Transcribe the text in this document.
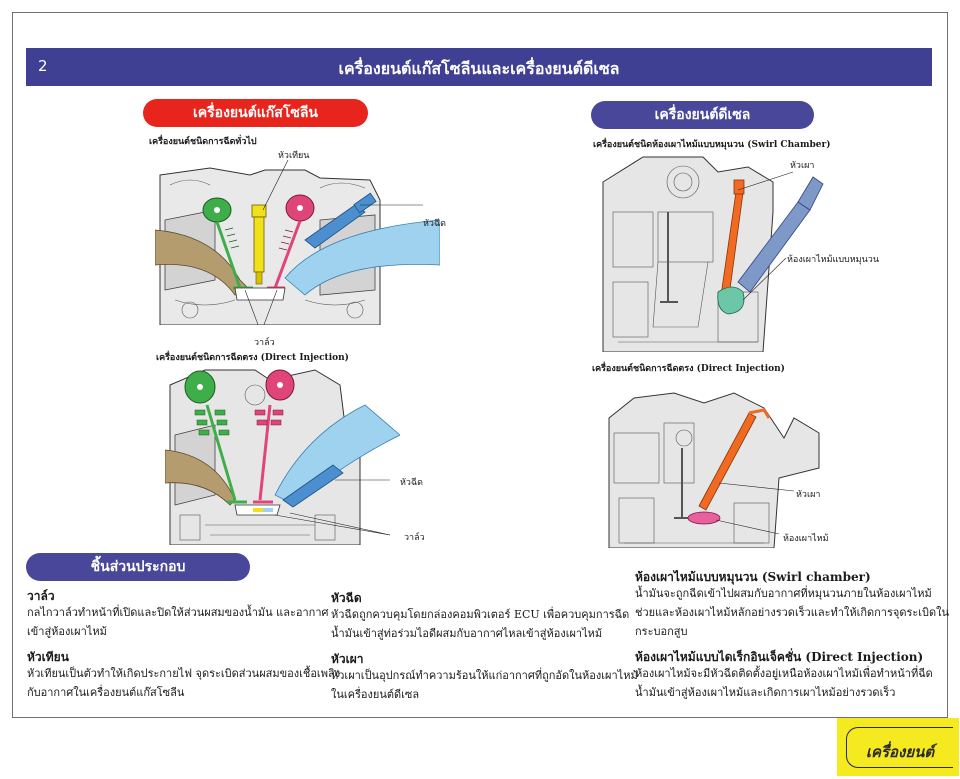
2	เครื่องยนต์แก๊สโซลีนและเครื่องยนต์ดีเซล
เครื่องยนต์แก๊สโซลีน
เครื่องยนต์ชนิดการฉีดทั่วไป
หัวเทียน
หัวฉีด
วาล์ว
เครื่องยนต์ชนิดการฉีดตรง (Direct Injection)
หัวฉีด
วาล์ว
เครื่องยนต์ดีเซล
เครื่องยนต์ชนิดห้องเผาไหม้แบบหมุนวน (Swirl Chamber)
หัวเผา
ห้องเผาไหม้แบบหมุนวน
เครื่องยนต์ชนิดการฉีดตรง (Direct Injection)
หัวเผา
ห้องเผาไหม้
ชิ้นส่วนประกอบ
วาล์ว
กลไกวาล์วทำหน้าที่เปิดและปิดให้ส่วนผสมของน้ำมัน และอากาศ
เข้าสู่ห้องเผาไหม้
หัวเทียน
หัวเทียนเป็นตัวทำให้เกิดประกายไฟ จุดระเบิดส่วนผสมของเชื้อเพลิง
กับอากาศในเครื่องยนต์แก๊สโซลีน
หัวฉีด
หัวฉีดถูกควบคุมโดยกล่องคอมพิวเตอร์ ECU เพื่อควบคุมการฉีด
น้ำมันเข้าสู่ท่อร่วมไอดีผสมกับอากาศไหลเข้าสู่ห้องเผาไหม้
หัวเผา
หัวเผาเป็นอุปกรณ์ทำความร้อนให้แก่อากาศที่ถูกอัดในห้องเผาไหม้
ในเครื่องยนต์ดีเซล
ห้องเผาไหม้แบบหมุนวน (Swirl chamber)
น้ำมันจะถูกฉีดเข้าไปผสมกับอากาศที่หมุนวนภายในห้องเผาไหม้
ช่วยและห้องเผาไหม้หลักอย่างรวดเร็วและทำให้เกิดการจุดระเบิดใน
กระบอกสูบ
ห้องเผาไหม้แบบไดเร็กอินเจ็คชั่น (Direct Injection)
ห้องเผาไหม้จะมีหัวฉีดติดตั้งอยู่เหนือห้องเผาไหม้เพื่อทำหน้าที่ฉีด
น้ำมันเข้าสู่ห้องเผาไหม้และเกิดการเผาไหม้อย่างรวดเร็ว
เครื่องยนต์
